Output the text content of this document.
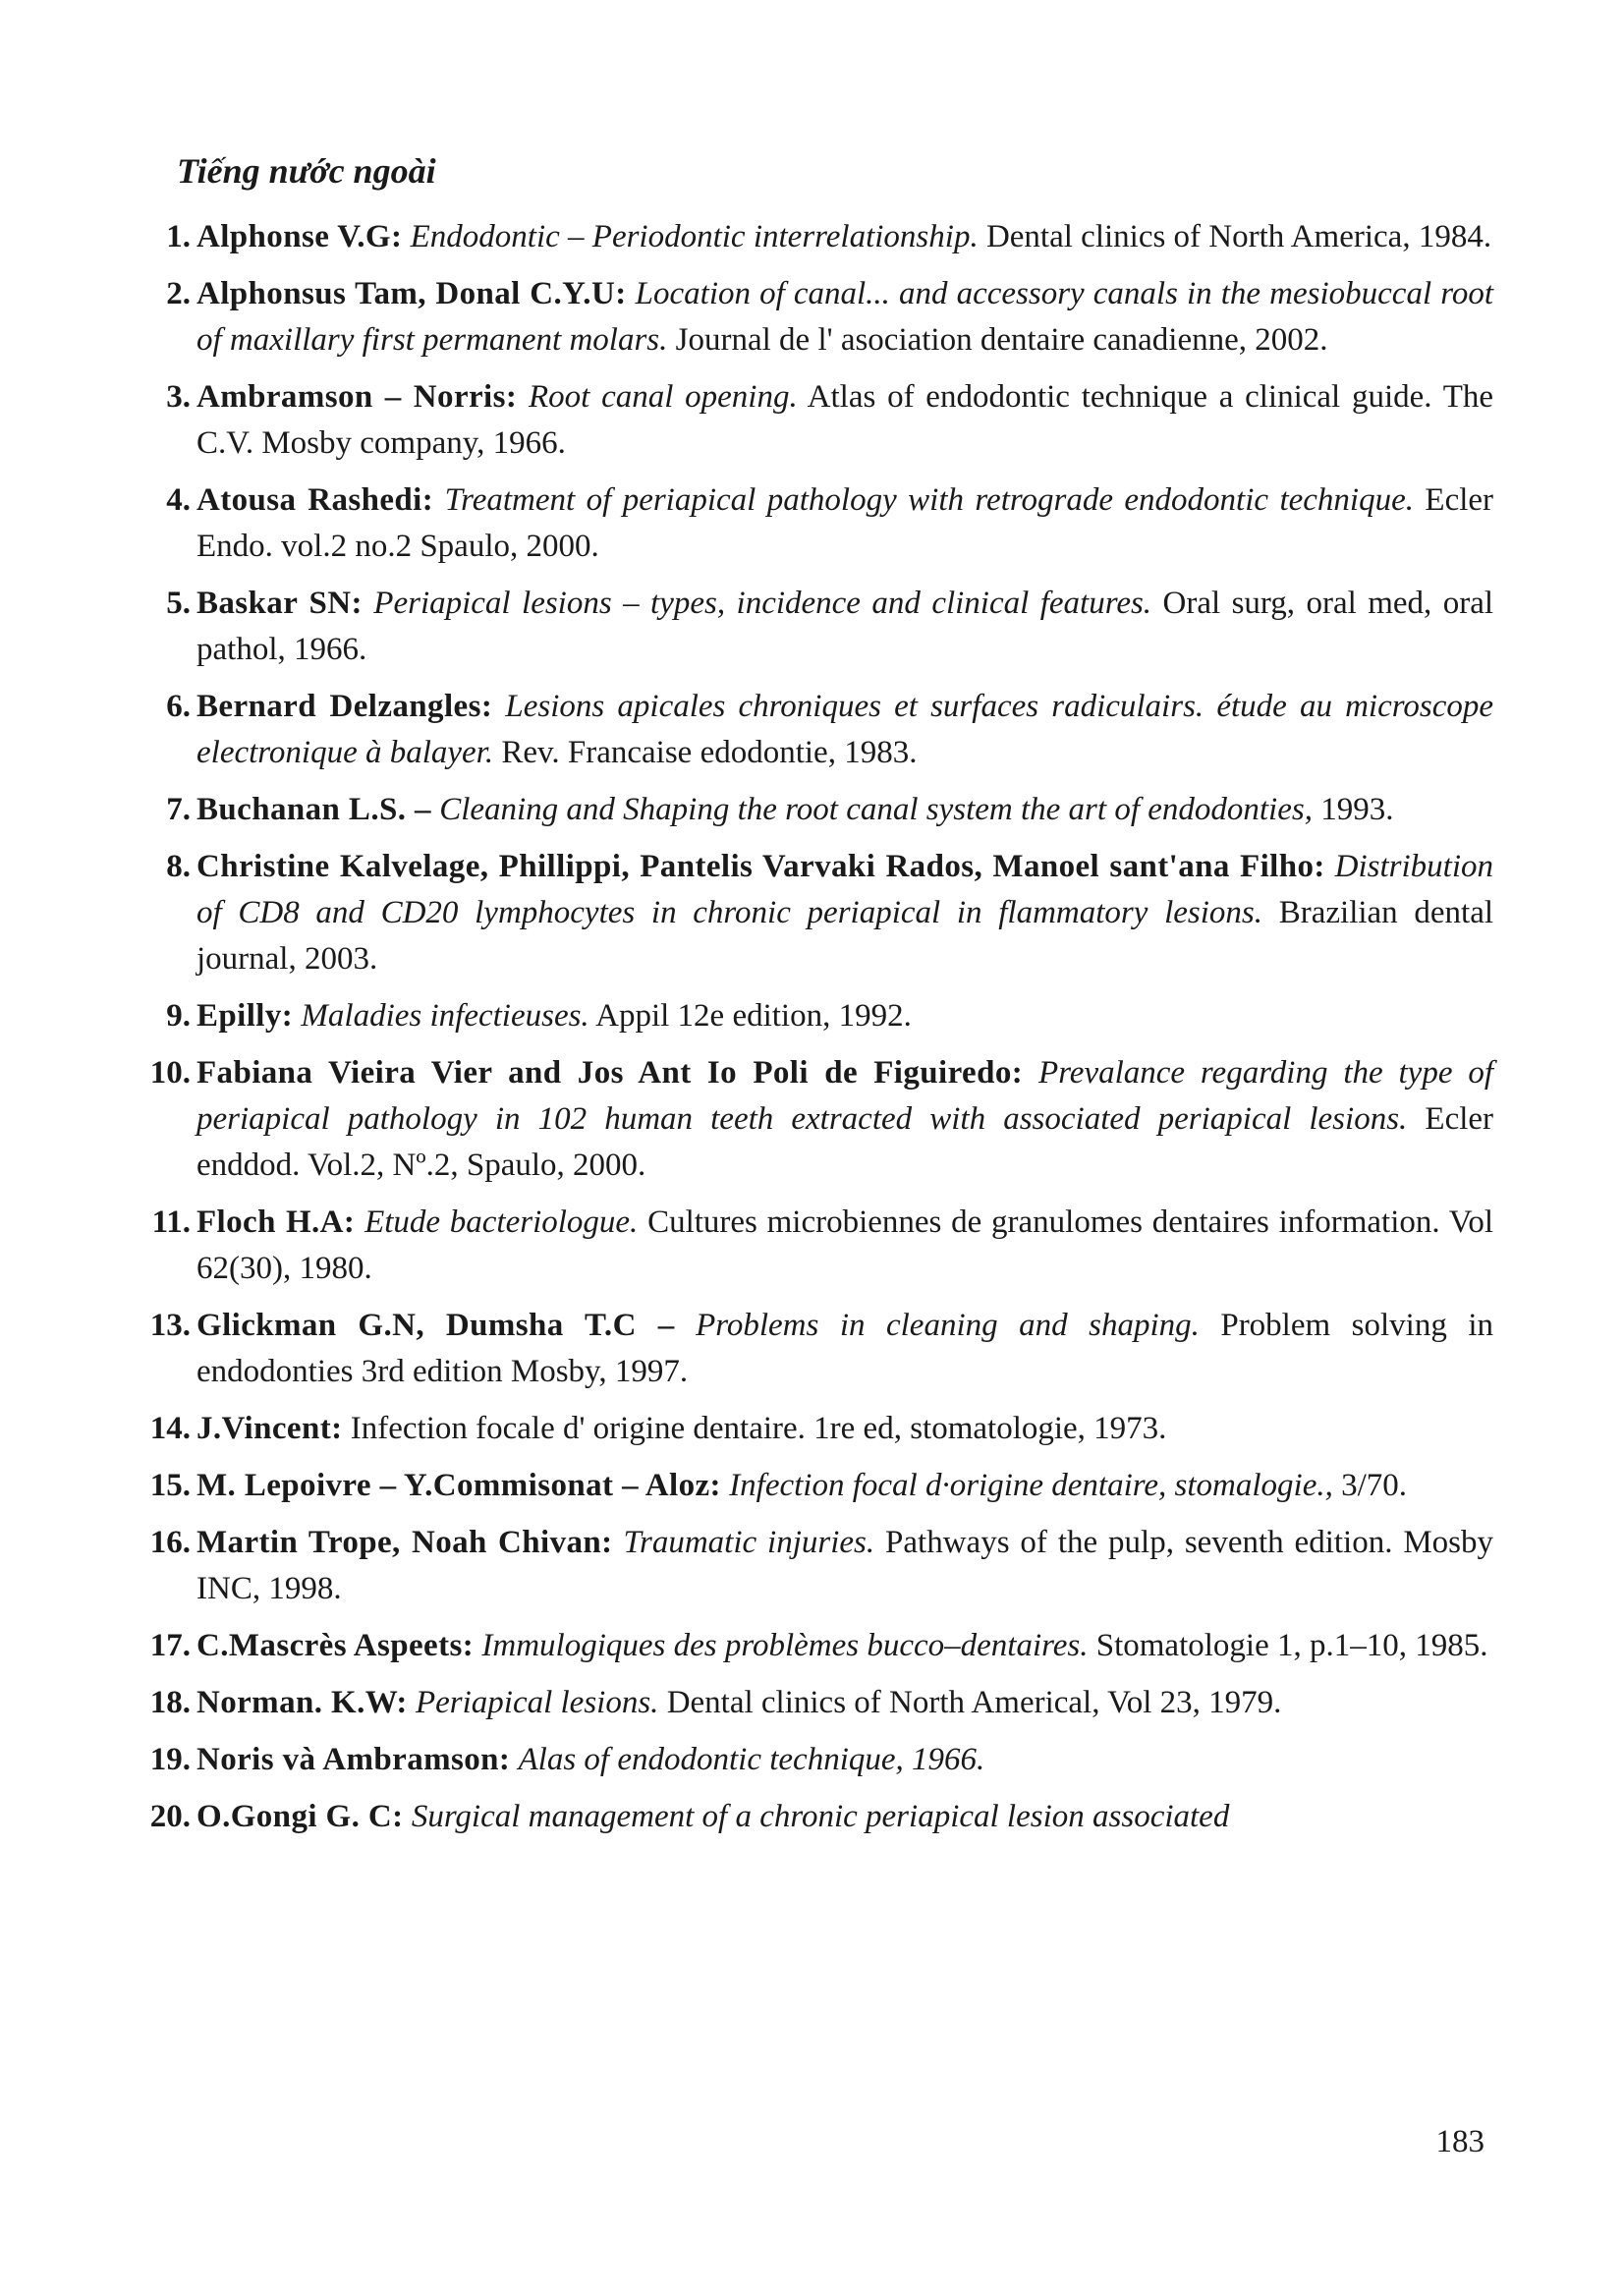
Tiếng nước ngoài
1. Alphonse V.G: Endodontic – Periodontic interrelationship. Dental clinics of North America, 1984.
2. Alphonsus Tam, Donal C.Y.U: Location of canal... and accessory canals in the mesiobuccal root of maxillary first permanent molars. Journal de l' asociation dentaire canadienne, 2002.
3. Ambramson – Norris: Root canal opening. Atlas of endodontic technique a clinical guide. The C.V. Mosby company, 1966.
4. Atousa Rashedi: Treatment of periapical pathology with retrograde endodontic technique. Ecler Endo. vol.2 no.2 Spaulo, 2000.
5. Baskar SN: Periapical lesions – types, incidence and clinical features. Oral surg, oral med, oral pathol, 1966.
6. Bernard Delzangles: Lesions apicales chroniques et surfaces radiculairs. étude au microscope electronique à balayer. Rev. Francaise edodontie, 1983.
7. Buchanan L.S. – Cleaning and Shaping the root canal system the art of endodonties, 1993.
8. Christine Kalvelage, Phillippi, Pantelis Varvaki Rados, Manoel sant'ana Filho: Distribution of CD8 and CD20 lymphocytes in chronic periapical in flammatory lesions. Brazilian dental journal, 2003.
9. Epilly: Maladies infectieuses. Appil 12e edition, 1992.
10. Fabiana Vieira Vier and Jos Ant Io Poli de Figuiredo: Prevalance regarding the type of periapical pathology in 102 human teeth extracted with associated periapical lesions. Ecler enddod. Vol.2, Nº.2, Spaulo, 2000.
11. Floch H.A: Etude bacteriologue. Cultures microbiennes de granulomes dentaires information. Vol 62(30), 1980.
13. Glickman G.N, Dumsha T.C – Problems in cleaning and shaping. Problem solving in endodonties 3rd edition Mosby, 1997.
14. J.Vincent: Infection focale d' origine dentaire. 1re ed, stomatologie, 1973.
15. M. Lepoivre – Y.Commisonat – Aloz: Infection focal d·origine dentaire, stomalogie., 3/70.
16. Martin Trope, Noah Chivan: Traumatic injuries. Pathways of the pulp, seventh edition. Mosby INC, 1998.
17. C.Mascrès Aspeets: Immulogiques des problèmes bucco–dentaires. Stomatologie 1, p.1–10, 1985.
18. Norman. K.W: Periapical lesions. Dental clinics of North Americal, Vol 23, 1979.
19. Noris và Ambramson: Alas of endodontic technique, 1966.
20. O.Gongi G. C: Surgical management of a chronic periapical lesion associated
183
